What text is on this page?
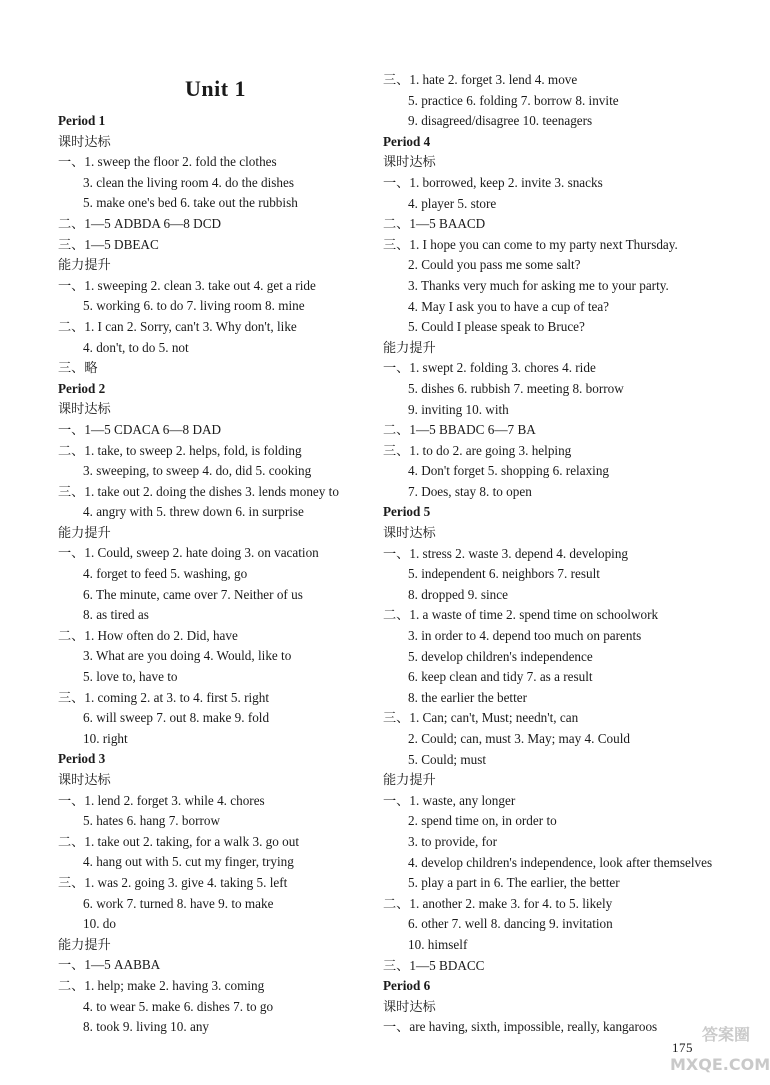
Unit 1
Period 1
课时达标
一、1. sweep the floor 2. fold the clothes
3. clean the living room 4. do the dishes
5. make one's bed 6. take out the rubbish
二、1—5 ADBDA 6—8 DCD
三、1—5 DBEAC
能力提升
一、1. sweeping 2. clean 3. take out 4. get a ride
5. working 6. to do 7. living room 8. mine
二、1. I can 2. Sorry, can't 3. Why don't, like
4. don't, to do 5. not
三、略
Period 2
课时达标
一、1—5 CDACA 6—8 DAD
二、1. take, to sweep 2. helps, fold, is folding
3. sweeping, to sweep 4. do, did 5. cooking
三、1. take out 2. doing the dishes 3. lends money to
4. angry with 5. threw down 6. in surprise
能力提升
一、1. Could, sweep 2. hate doing 3. on vacation
4. forget to feed 5. washing, go
6. The minute, came over 7. Neither of us
8. as tired as
二、1. How often do 2. Did, have
3. What are you doing 4. Would, like to
5. love to, have to
三、1. coming 2. at 3. to 4. first 5. right
6. will sweep 7. out 8. make 9. fold
10. right
Period 3
课时达标
一、1. lend 2. forget 3. while 4. chores
5. hates 6. hang 7. borrow
二、1. take out 2. taking, for a walk 3. go out
4. hang out with 5. cut my finger, trying
三、1. was 2. going 3. give 4. taking 5. left
6. work 7. turned 8. have 9. to make
10. do
能力提升
一、1—5 AABBA
二、1. help; make 2. having 3. coming
4. to wear 5. make 6. dishes 7. to go
8. took 9. living 10. any
三、1. hate 2. forget 3. lend 4. move
5. practice 6. folding 7. borrow 8. invite
9. disagreed/disagree 10. teenagers
Period 4
课时达标
一、1. borrowed, keep 2. invite 3. snacks
4. player 5. store
二、1—5 BAACD
三、1. I hope you can come to my party next Thursday.
2. Could you pass me some salt?
3. Thanks very much for asking me to your party.
4. May I ask you to have a cup of tea?
5. Could I please speak to Bruce?
能力提升
一、1. swept 2. folding 3. chores 4. ride
5. dishes 6. rubbish 7. meeting 8. borrow
9. inviting 10. with
二、1—5 BBADC 6—7 BA
三、1. to do 2. are going 3. helping
4. Don't forget 5. shopping 6. relaxing
7. Does, stay 8. to open
Period 5
课时达标
一、1. stress 2. waste 3. depend 4. developing
5. independent 6. neighbors 7. result
8. dropped 9. since
二、1. a waste of time 2. spend time on schoolwork
3. in order to 4. depend too much on parents
5. develop children's independence
6. keep clean and tidy 7. as a result
8. the earlier the better
三、1. Can; can't, Must; needn't, can
2. Could; can, must 3. May; may 4. Could
5. Could; must
能力提升
一、1. waste, any longer
2. spend time on, in order to
3. to provide, for
4. develop children's independence, look after themselves
5. play a part in 6. The earlier, the better
二、1. another 2. make 3. for 4. to 5. likely
6. other 7. well 8. dancing 9. invitation
10. himself
三、1—5 BDACC
Period 6
课时达标
一、are having, sixth, impossible, really, kangaroos
175
答案圈 MXQE.COM
